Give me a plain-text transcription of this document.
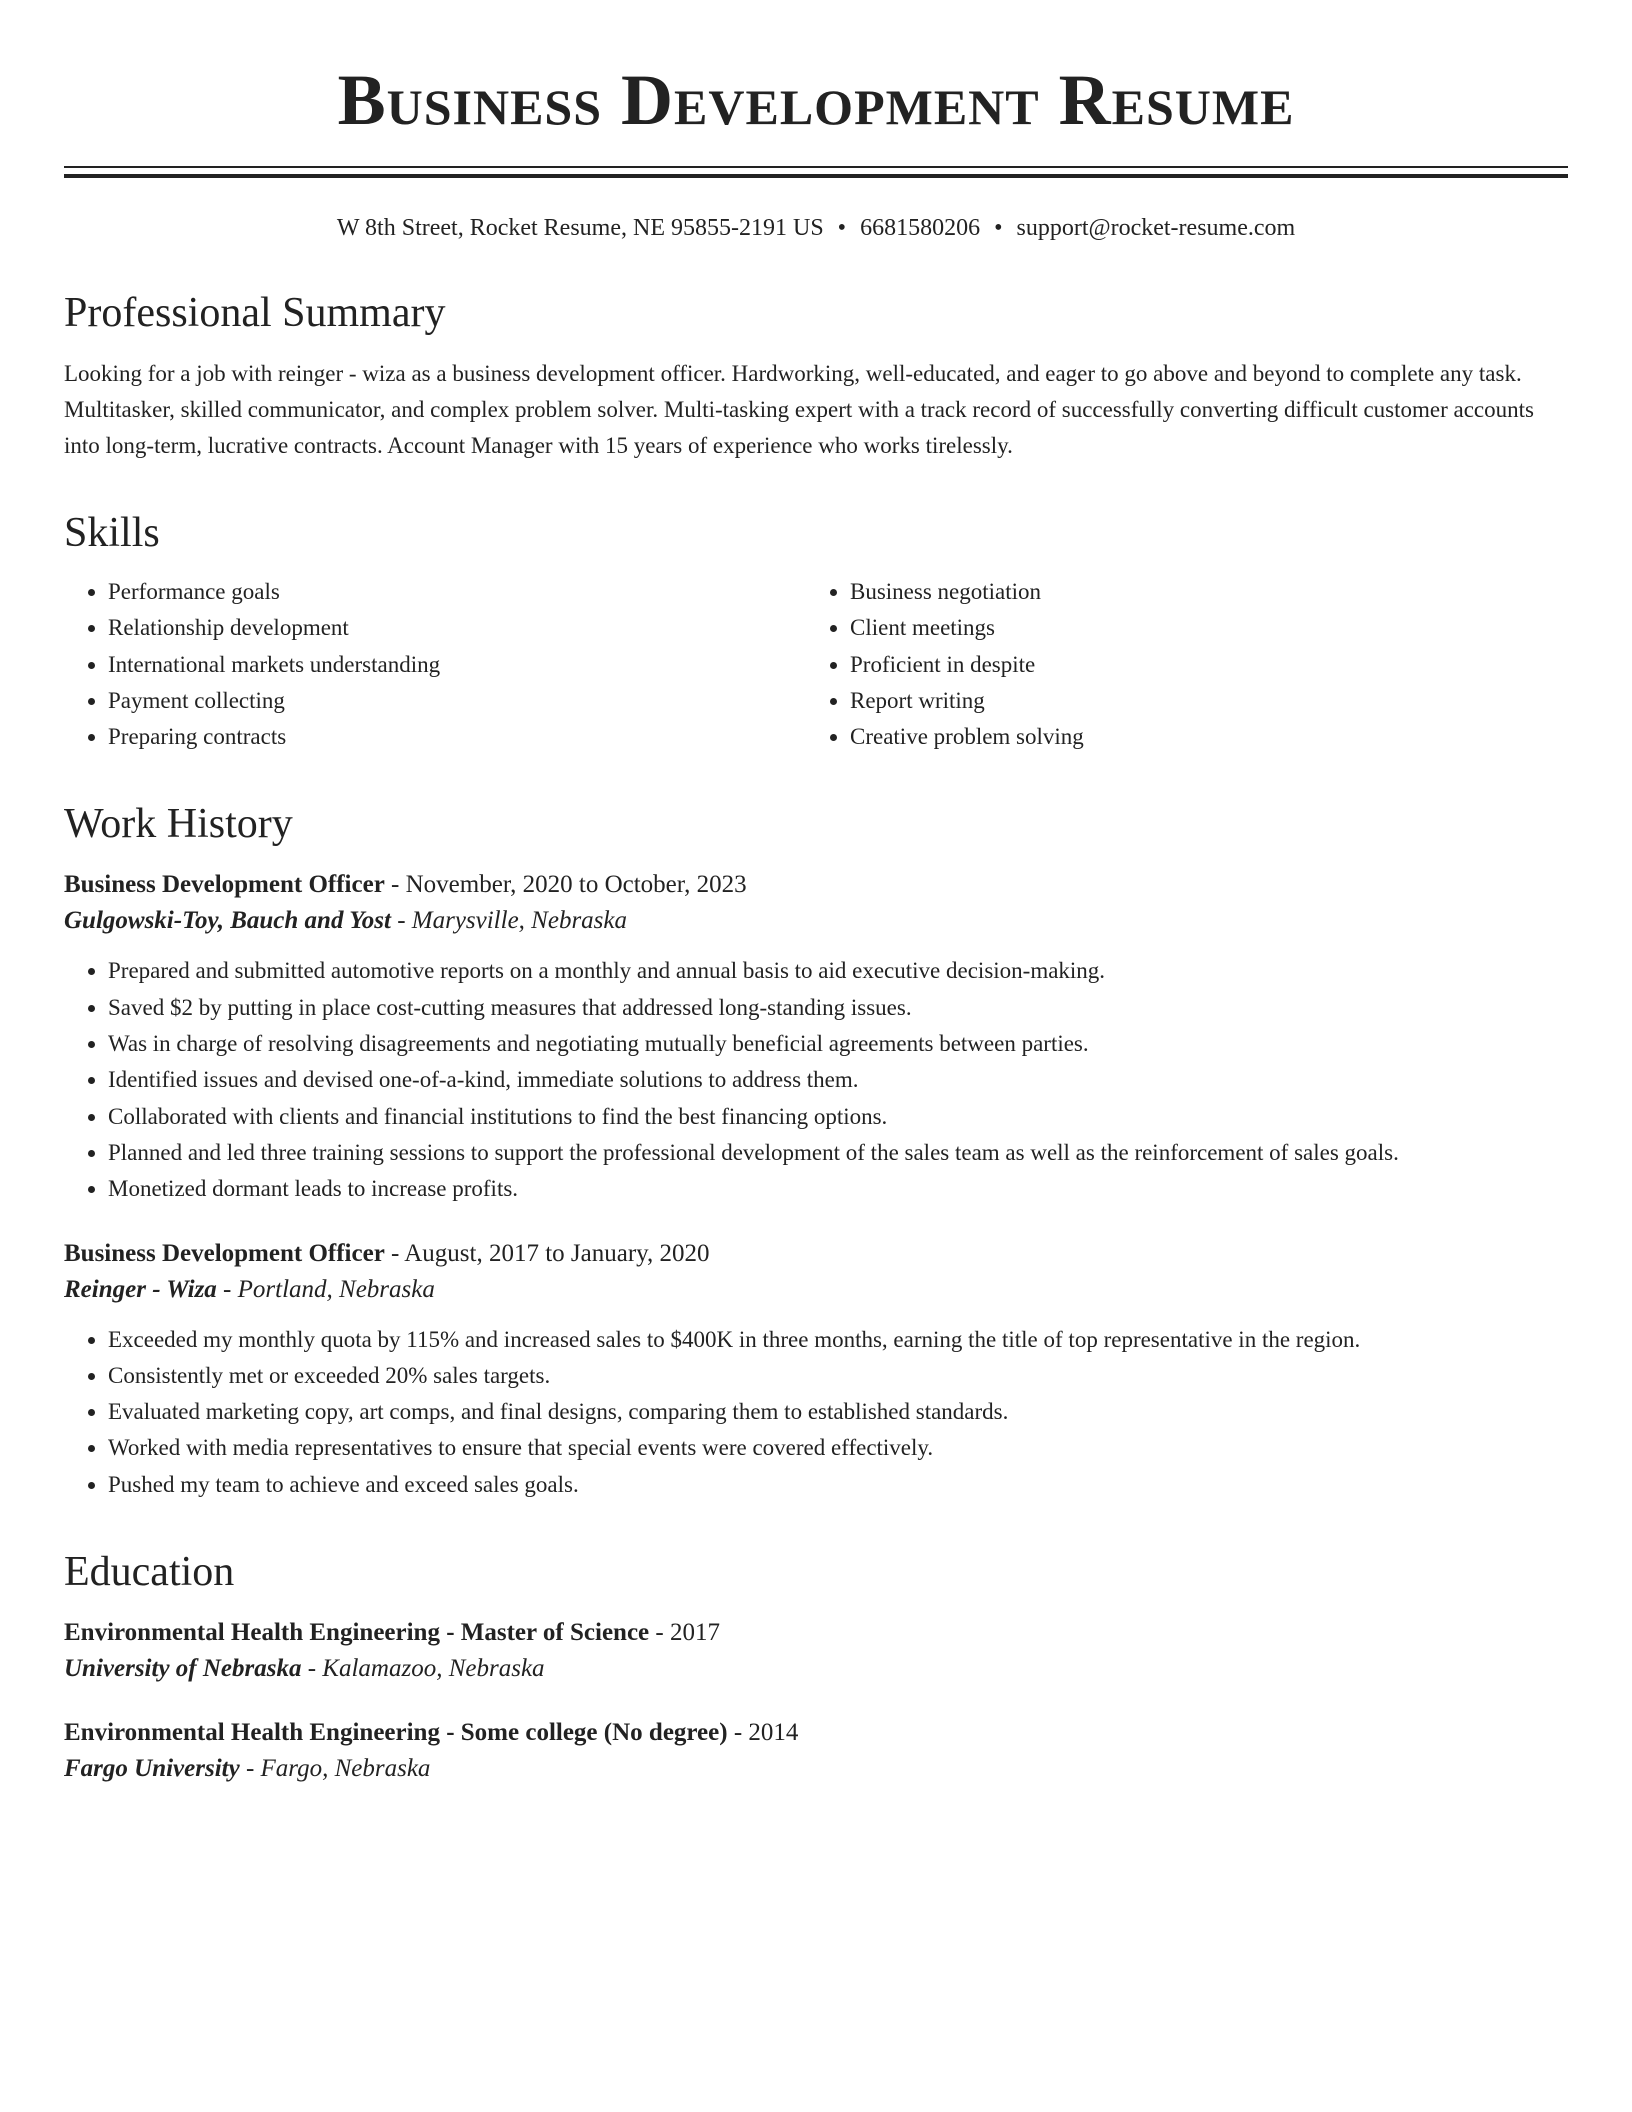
Business Development Resume
W 8th Street, Rocket Resume, NE 95855-2191 US • 6681580206 • support@rocket-resume.com
Professional Summary
Looking for a job with reinger - wiza as a business development officer. Hardworking, well-educated, and eager to go above and beyond to complete any task. Multitasker, skilled communicator, and complex problem solver. Multi-tasking expert with a track record of successfully converting difficult customer accounts into long-term, lucrative contracts. Account Manager with 15 years of experience who works tirelessly.
Skills
• Performance goals
• Relationship development
• International markets understanding
• Payment collecting
• Preparing contracts
• Business negotiation
• Client meetings
• Proficient in despite
• Report writing
• Creative problem solving
Work History
Business Development Officer - November, 2020 to October, 2023
Gulgowski-Toy, Bauch and Yost - Marysville, Nebraska
• Prepared and submitted automotive reports on a monthly and annual basis to aid executive decision-making.
• Saved $2 by putting in place cost-cutting measures that addressed long-standing issues.
• Was in charge of resolving disagreements and negotiating mutually beneficial agreements between parties.
• Identified issues and devised one-of-a-kind, immediate solutions to address them.
• Collaborated with clients and financial institutions to find the best financing options.
• Planned and led three training sessions to support the professional development of the sales team as well as the reinforcement of sales goals.
• Monetized dormant leads to increase profits.
Business Development Officer - August, 2017 to January, 2020
Reinger - Wiza - Portland, Nebraska
• Exceeded my monthly quota by 115% and increased sales to $400K in three months, earning the title of top representative in the region.
• Consistently met or exceeded 20% sales targets.
• Evaluated marketing copy, art comps, and final designs, comparing them to established standards.
• Worked with media representatives to ensure that special events were covered effectively.
• Pushed my team to achieve and exceed sales goals.
Education
Environmental Health Engineering - Master of Science - 2017
University of Nebraska - Kalamazoo, Nebraska
Environmental Health Engineering - Some college (No degree) - 2014
Fargo University - Fargo, Nebraska
